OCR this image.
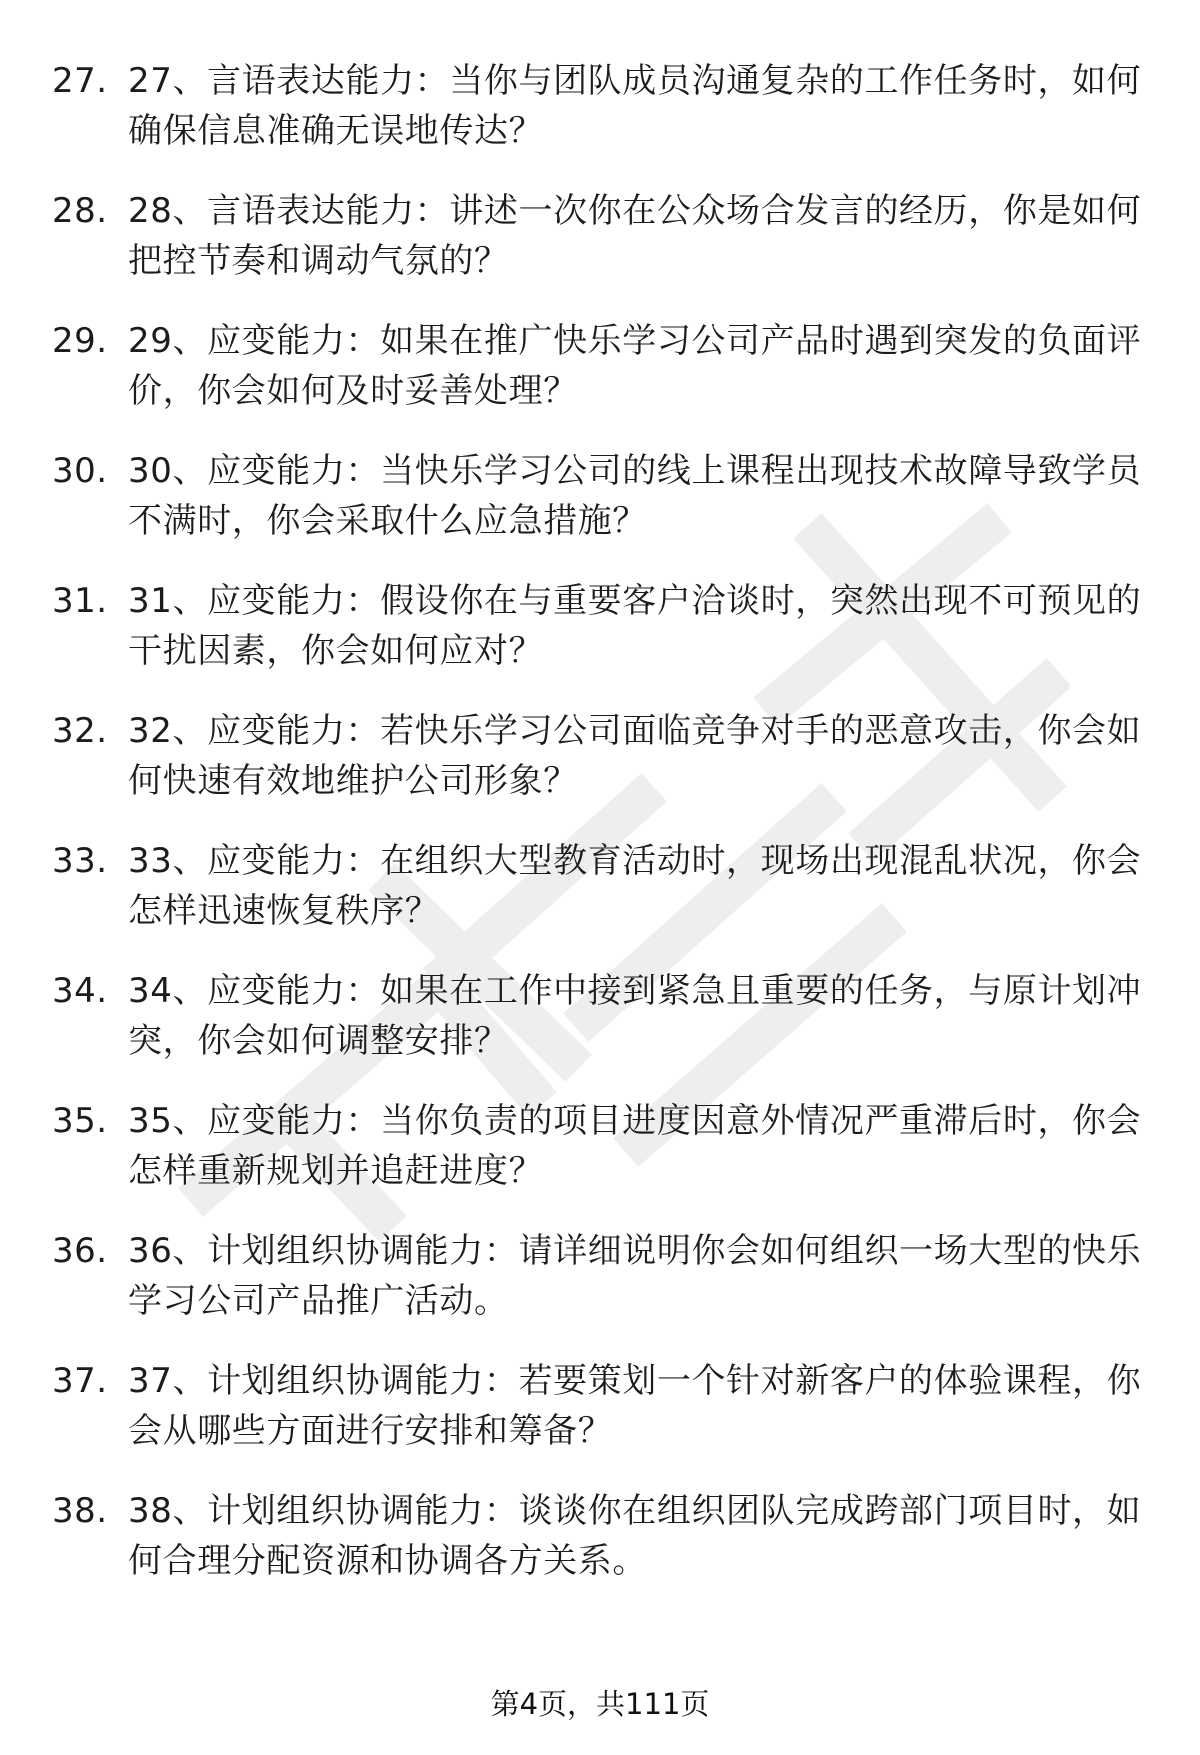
27. 27、言语表达能力：当你与团队成员沟通复杂的工作任务时，如何确保信息准确无误地传达？
28. 28、言语表达能力：讲述一次你在公众场合发言的经历，你是如何把控节奏和调动气氛的？
29. 29、应变能力：如果在推广快乐学习公司产品时遇到突发的负面评价，你会如何及时妥善处理？
30. 30、应变能力：当快乐学习公司的线上课程出现技术故障导致学员不满时，你会采取什么应急措施？
31. 31、应变能力：假设你在与重要客户洽谈时，突然出现不可预见的干扰因素，你会如何应对？
32. 32、应变能力：若快乐学习公司面临竞争对手的恶意攻击，你会如何快速有效地维护公司形象？
33. 33、应变能力：在组织大型教育活动时，现场出现混乱状况，你会怎样迅速恢复秩序？
34. 34、应变能力：如果在工作中接到紧急且重要的任务，与原计划冲突，你会如何调整安排？
35. 35、应变能力：当你负责的项目进度因意外情况严重滞后时，你会怎样重新规划并追赶进度？
36. 36、计划组织协调能力：请详细说明你会如何组织一场大型的快乐学习公司产品推广活动。
37. 37、计划组织协调能力：若要策划一个针对新客户的体验课程，你会从哪些方面进行安排和筹备？
38. 38、计划组织协调能力：谈谈你在组织团队完成跨部门项目时，如何合理分配资源和协调各方关系。
第4页，共111页
